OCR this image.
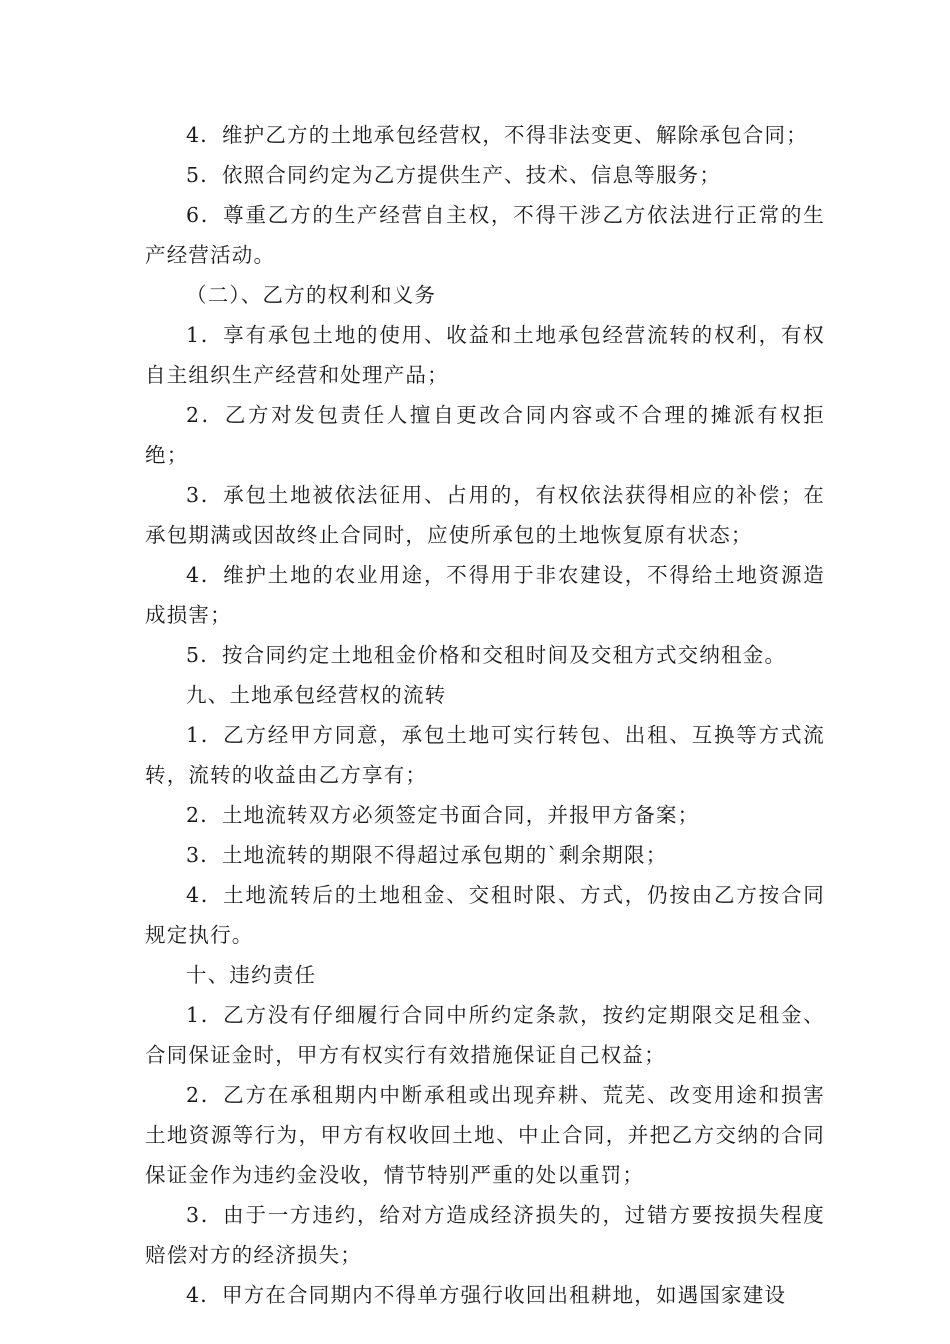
4．维护乙方的土地承包经营权，不得非法变更、解除承包合同；

5．依照合同约定为乙方提供生产、技术、信息等服务；

6．尊重乙方的生产经营自主权，不得干涉乙方依法进行正常的生产经营活动。

（二）、乙方的权利和义务

1．享有承包土地的使用、收益和土地承包经营流转的权利，有权自主组织生产经营和处理产品；

2．乙方对发包责任人擅自更改合同内容或不合理的摊派有权拒绝；

3．承包土地被依法征用、占用的，有权依法获得相应的补偿；在承包期满或因故终止合同时，应使所承包的土地恢复原有状态；

4．维护土地的农业用途，不得用于非农建设，不得给土地资源造成损害；

5．按合同约定土地租金价格和交租时间及交租方式交纳租金。

九、土地承包经营权的流转

1．乙方经甲方同意，承包土地可实行转包、出租、互换等方式流转，流转的收益由乙方享有；

2．土地流转双方必须签定书面合同，并报甲方备案；

3．土地流转的期限不得超过承包期的`剩余期限；

4．土地流转后的土地租金、交租时限、方式，仍按由乙方按合同规定执行。

十、违约责任

1．乙方没有仔细履行合同中所约定条款，按约定期限交足租金、合同保证金时，甲方有权实行有效措施保证自己权益；

2．乙方在承租期内中断承租或出现弃耕、荒芜、改变用途和损害土地资源等行为，甲方有权收回土地、中止合同，并把乙方交纳的合同保证金作为违约金没收，情节特别严重的处以重罚；

3．由于一方违约，给对方造成经济损失的，过错方要按损失程度赔偿对方的经济损失；

4．甲方在合同期内不得单方强行收回出租耕地，如遇国家建设
